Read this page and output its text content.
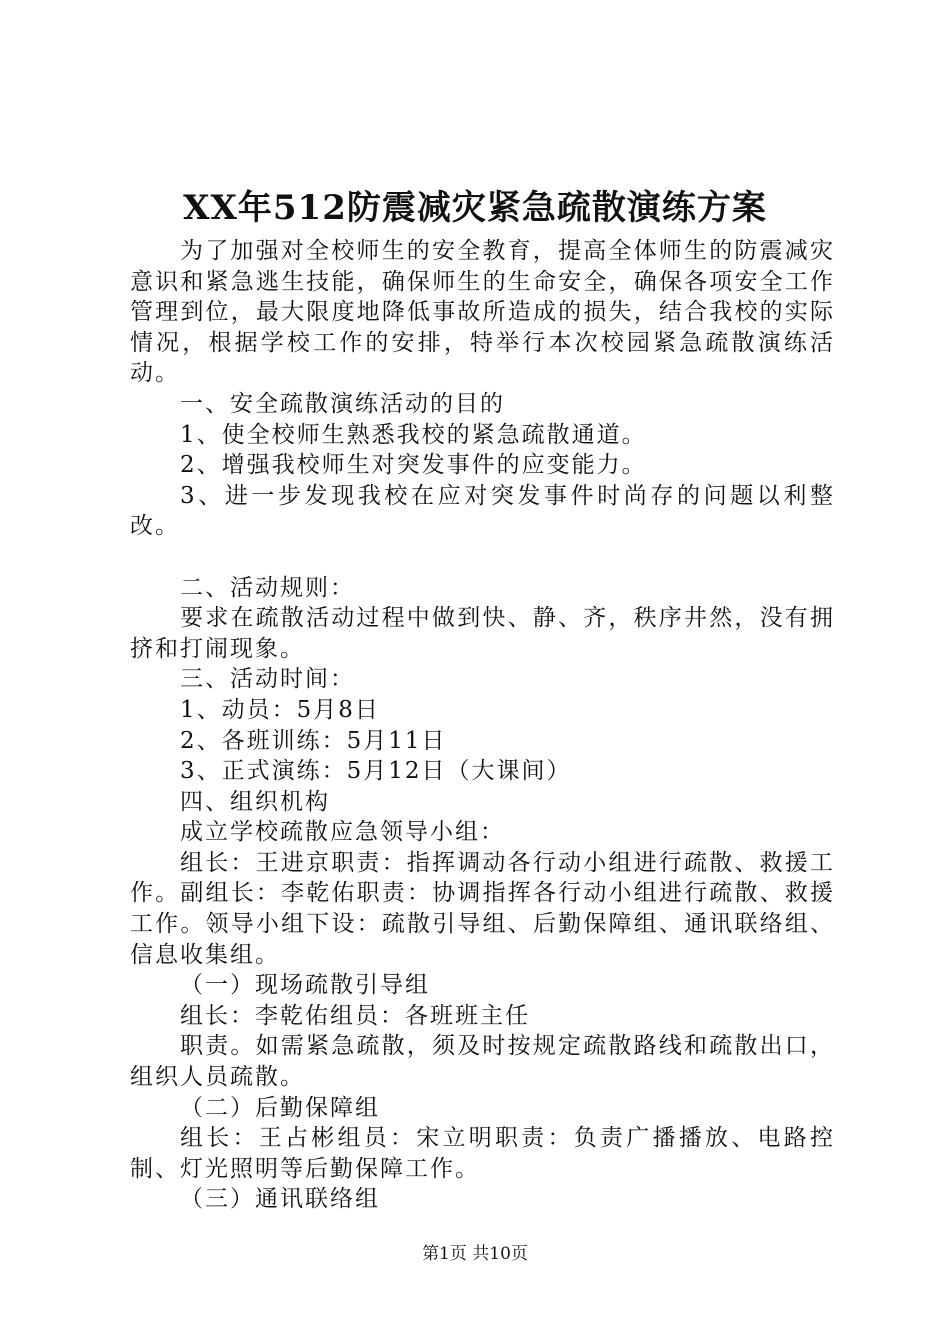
XX年512防震减灾紧急疏散演练方案

为了加强对全校师生的安全教育，提高全体师生的防震减灾意识和紧急逃生技能，确保师生的生命安全，确保各项安全工作管理到位，最大限度地降低事故所造成的损失，结合我校的实际情况，根据学校工作的安排，特举行本次校园紧急疏散演练活动。

一、安全疏散演练活动的目的

1、使全校师生熟悉我校的紧急疏散通道。

2、增强我校师生对突发事件的应变能力。

3、进一步发现我校在应对突发事件时尚存的问题以利整改。

二、活动规则：

要求在疏散活动过程中做到快、静、齐，秩序井然，没有拥挤和打闹现象。

三、活动时间：

1、动员：5月8日

2、各班训练：5月11日

3、正式演练：5月12日（大课间）

四、组织机构

成立学校疏散应急领导小组：

组长：王进京职责：指挥调动各行动小组进行疏散、救援工作。副组长：李乾佑职责：协调指挥各行动小组进行疏散、救援工作。领导小组下设：疏散引导组、后勤保障组、通讯联络组、信息收集组。

（一）现场疏散引导组

组长：李乾佑组员：各班班主任

职责。如需紧急疏散，须及时按规定疏散路线和疏散出口，组织人员疏散。

（二）后勤保障组

组长：王占彬组员：宋立明职责：负责广播播放、电路控制、灯光照明等后勤保障工作。

（三）通讯联络组

第1页 共10页
